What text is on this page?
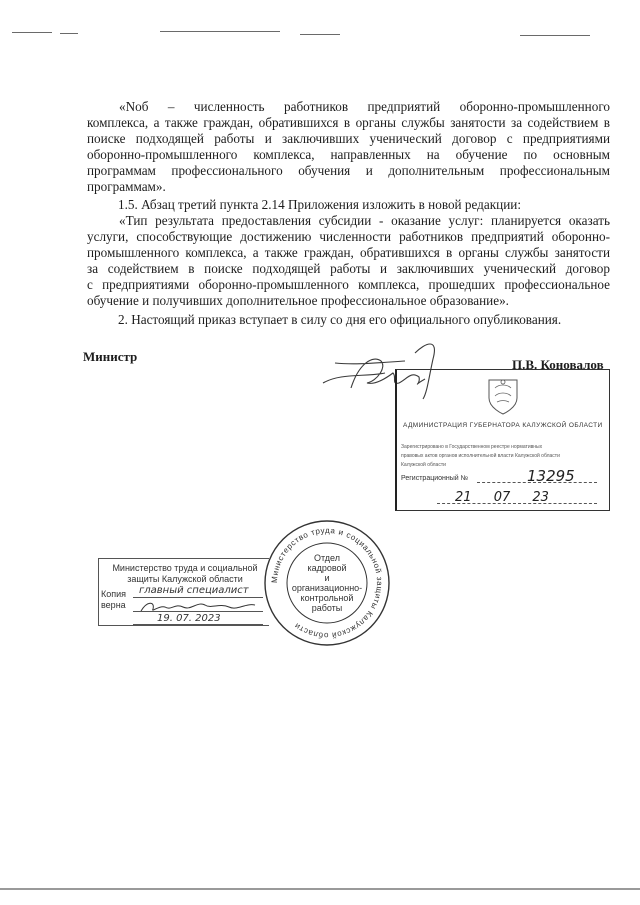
«Nоб – численность работников предприятий оборонно-промышленного

комплекса, а также граждан, обратившихся в органы службы занятости за содействием в

поиске подходящей работы и заключивших ученический договор с предприятиями

оборонно-промышленного комплекса, направленных на обучение по основным

программам профессионального обучения и дополнительным профессиональным

программам».

1.5. Абзац третий пункта 2.14 Приложения изложить в новой редакции:

«Тип результата предоставления субсидии - оказание услуг: планируется оказать

услуги, способствующие достижению численности работников предприятий оборонно-

промышленного комплекса, а также граждан, обратившихся в органы службы занятости

за содействием в поиске подходящей работы и заключивших ученический договор

с предприятиями оборонно-промышленного комплекса, прошедших профессиональное

обучение и получивших дополнительное профессиональное образование».

2. Настоящий приказ вступает в силу со дня его официального опубликования.

Министр
П.В. Коновалов
АДМИНИСТРАЦИЯ ГУБЕРНАТОРА КАЛУЖСКОЙ ОБЛАСТИ
Зарегистрировано в Государственном реестре нормативных
правовых актов органов исполнительной власти Калужской области
Калужской области
Регистрационный №	13295
21 07 23
Министерство труда и социальной защиты Калужской области
Копия
верна
главный специалист
19. 07. 2023
Министерство труда и социальной защиты Калужской области
Отдел
кадровой
и
организационно-
контрольной
работы
